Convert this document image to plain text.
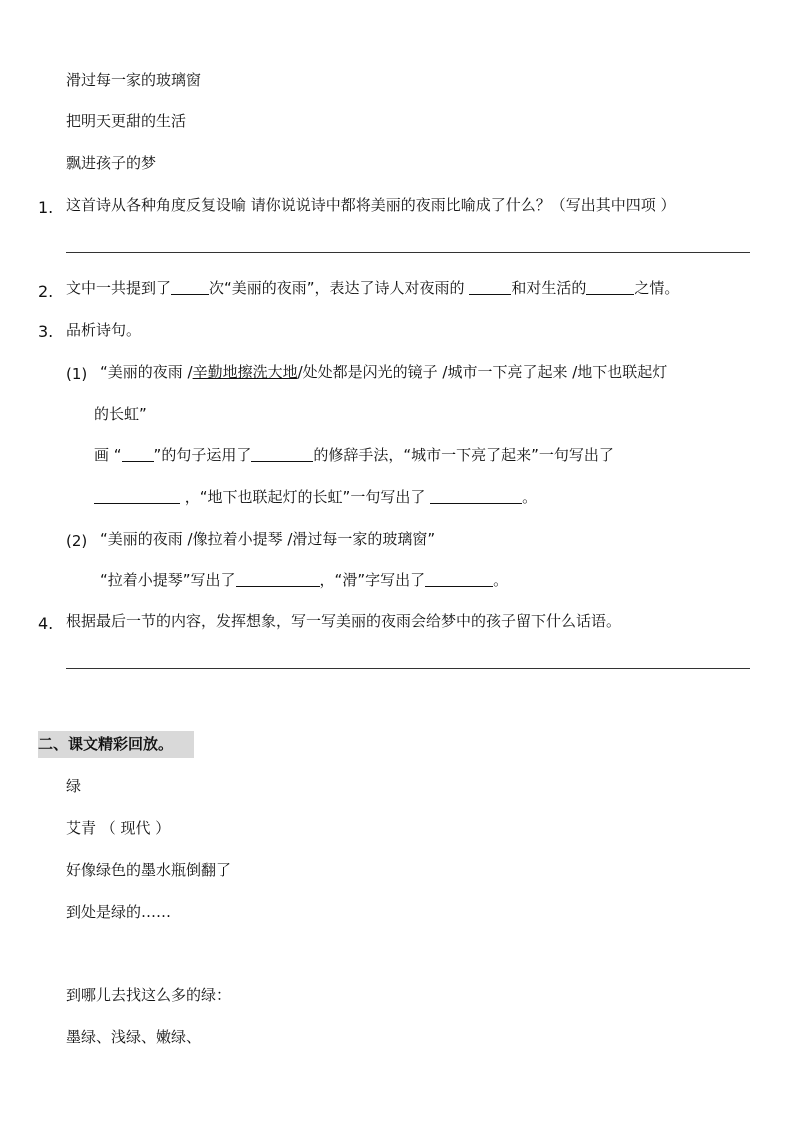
滑过每一家的玻璃窗
把明天更甜的生活
飘进孩子的梦
1. 这首诗从各种角度反复设喻 请你说说诗中都将美丽的夜雨比喻成了什么？（写出其中四项 ）
2. 文中一共提到了	次“美丽的夜雨”，表达了诗人对夜雨的	和对生活的	之情。
3. 品析诗句。
(1) “美丽的夜雨 /辛勤地擦洗大地/处处都是闪光的镜子 /城市一下亮了起来 /地下也联起灯
的长虹”
画 “ ”的句子运用了	的修辞手法，“城市一下亮了起来”一句写出了
，“地下也联起灯的长虹”一句写出了	。
(2) “美丽的夜雨 /像拉着小提琴 /滑过每一家的玻璃窗”
“拉着小提琴”写出了	，“滑”字写出了	。
4. 根据最后一节的内容，发挥想象，写一写美丽的夜雨会给梦中的孩子留下什么话语。
二、课文精彩回放。
绿
艾青 （ 现代 ）
好像绿色的墨水瓶倒翻了
到处是绿的……
到哪儿去找这么多的绿：
墨绿、浅绿、嫩绿、
